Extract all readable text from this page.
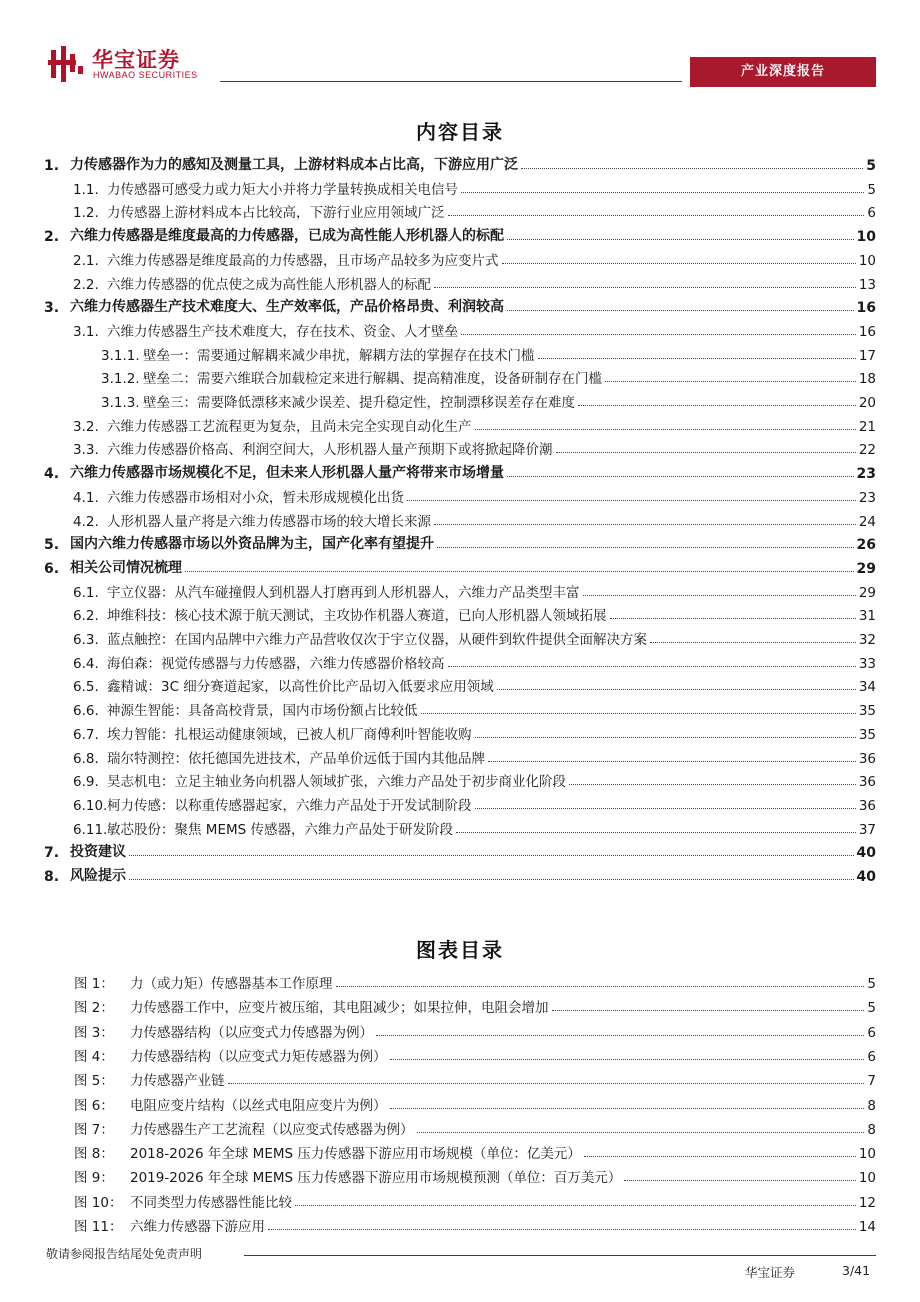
华宝证券
HWABAO SECURITIES	产业深度报告
内容目录
1. 力传感器作为力的感知及测量工具，上游材料成本占比高，下游应用广泛	5
1.1. 力传感器可感受力或力矩大小并将力学量转换成相关电信号	5
1.2. 力传感器上游材料成本占比较高，下游行业应用领域广泛	6
2. 六维力传感器是维度最高的力传感器，已成为高性能人形机器人的标配	10
2.1. 六维力传感器是维度最高的力传感器，且市场产品较多为应变片式	10
2.2. 六维力传感器的优点使之成为高性能人形机器人的标配	13
3. 六维力传感器生产技术难度大、生产效率低，产品价格昂贵、利润较高	16
3.1. 六维力传感器生产技术难度大，存在技术、资金、人才壁垒	16
3.1.1. 壁垒一：需要通过解耦来减少串扰，解耦方法的掌握存在技术门槛	17
3.1.2. 壁垒二：需要六维联合加载检定来进行解耦、提高精准度，设备研制存在门槛	18
3.1.3. 壁垒三：需要降低漂移来减少误差、提升稳定性，控制漂移误差存在难度	20
3.2. 六维力传感器工艺流程更为复杂，且尚未完全实现自动化生产	21
3.3. 六维力传感器价格高、利润空间大，人形机器人量产预期下或将掀起降价潮	22
4. 六维力传感器市场规模化不足，但未来人形机器人量产将带来市场增量	23
4.1. 六维力传感器市场相对小众，暂未形成规模化出货	23
4.2. 人形机器人量产将是六维力传感器市场的较大增长来源	24
5. 国内六维力传感器市场以外资品牌为主，国产化率有望提升	26
6. 相关公司情况梳理	29
6.1. 宇立仪器：从汽车碰撞假人到机器人打磨再到人形机器人，六维力产品类型丰富	29
6.2. 坤维科技：核心技术源于航天测试，主攻协作机器人赛道，已向人形机器人领域拓展	31
6.3. 蓝点触控：在国内品牌中六维力产品营收仅次于宇立仪器，从硬件到软件提供全面解决方案	32
6.4. 海伯森：视觉传感器与力传感器，六维力传感器价格较高	33
6.5. 鑫精诚：3C 细分赛道起家，以高性价比产品切入低要求应用领域	34
6.6. 神源生智能：具备高校背景，国内市场份额占比较低	35
6.7. 埃力智能：扎根运动健康领域，已被人机厂商傅利叶智能收购	35
6.8. 瑞尔特测控：依托德国先进技术，产品单价远低于国内其他品牌	36
6.9. 昊志机电：立足主轴业务向机器人领域扩张，六维力产品处于初步商业化阶段	36
6.10. 柯力传感：以称重传感器起家，六维力产品处于开发试制阶段	36
6.11. 敏芯股份：聚焦 MEMS 传感器，六维力产品处于研发阶段	37
7. 投资建议	40
8. 风险提示	40
图表目录
图 1：	力（或力矩）传感器基本工作原理	5
图 2：	力传感器工作中，应变片被压缩，其电阻减少；如果拉伸，电阻会增加	5
图 3：	力传感器结构（以应变式力传感器为例）	6
图 4：	力传感器结构（以应变式力矩传感器为例）	6
图 5：	力传感器产业链	7
图 6：	电阻应变片结构（以丝式电阻应变片为例）	8
图 7：	力传感器生产工艺流程（以应变式传感器为例）	8
图 8：	2018-2026 年全球 MEMS 压力传感器下游应用市场规模（单位：亿美元）	10
图 9：	2019-2026 年全球 MEMS 压力传感器下游应用市场规模预测（单位：百万美元）	10
图 10： 不同类型力传感器性能比较	12
图 11： 六维力传感器下游应用	14
敬请参阅报告结尾处免责声明
华宝证券	3/41
